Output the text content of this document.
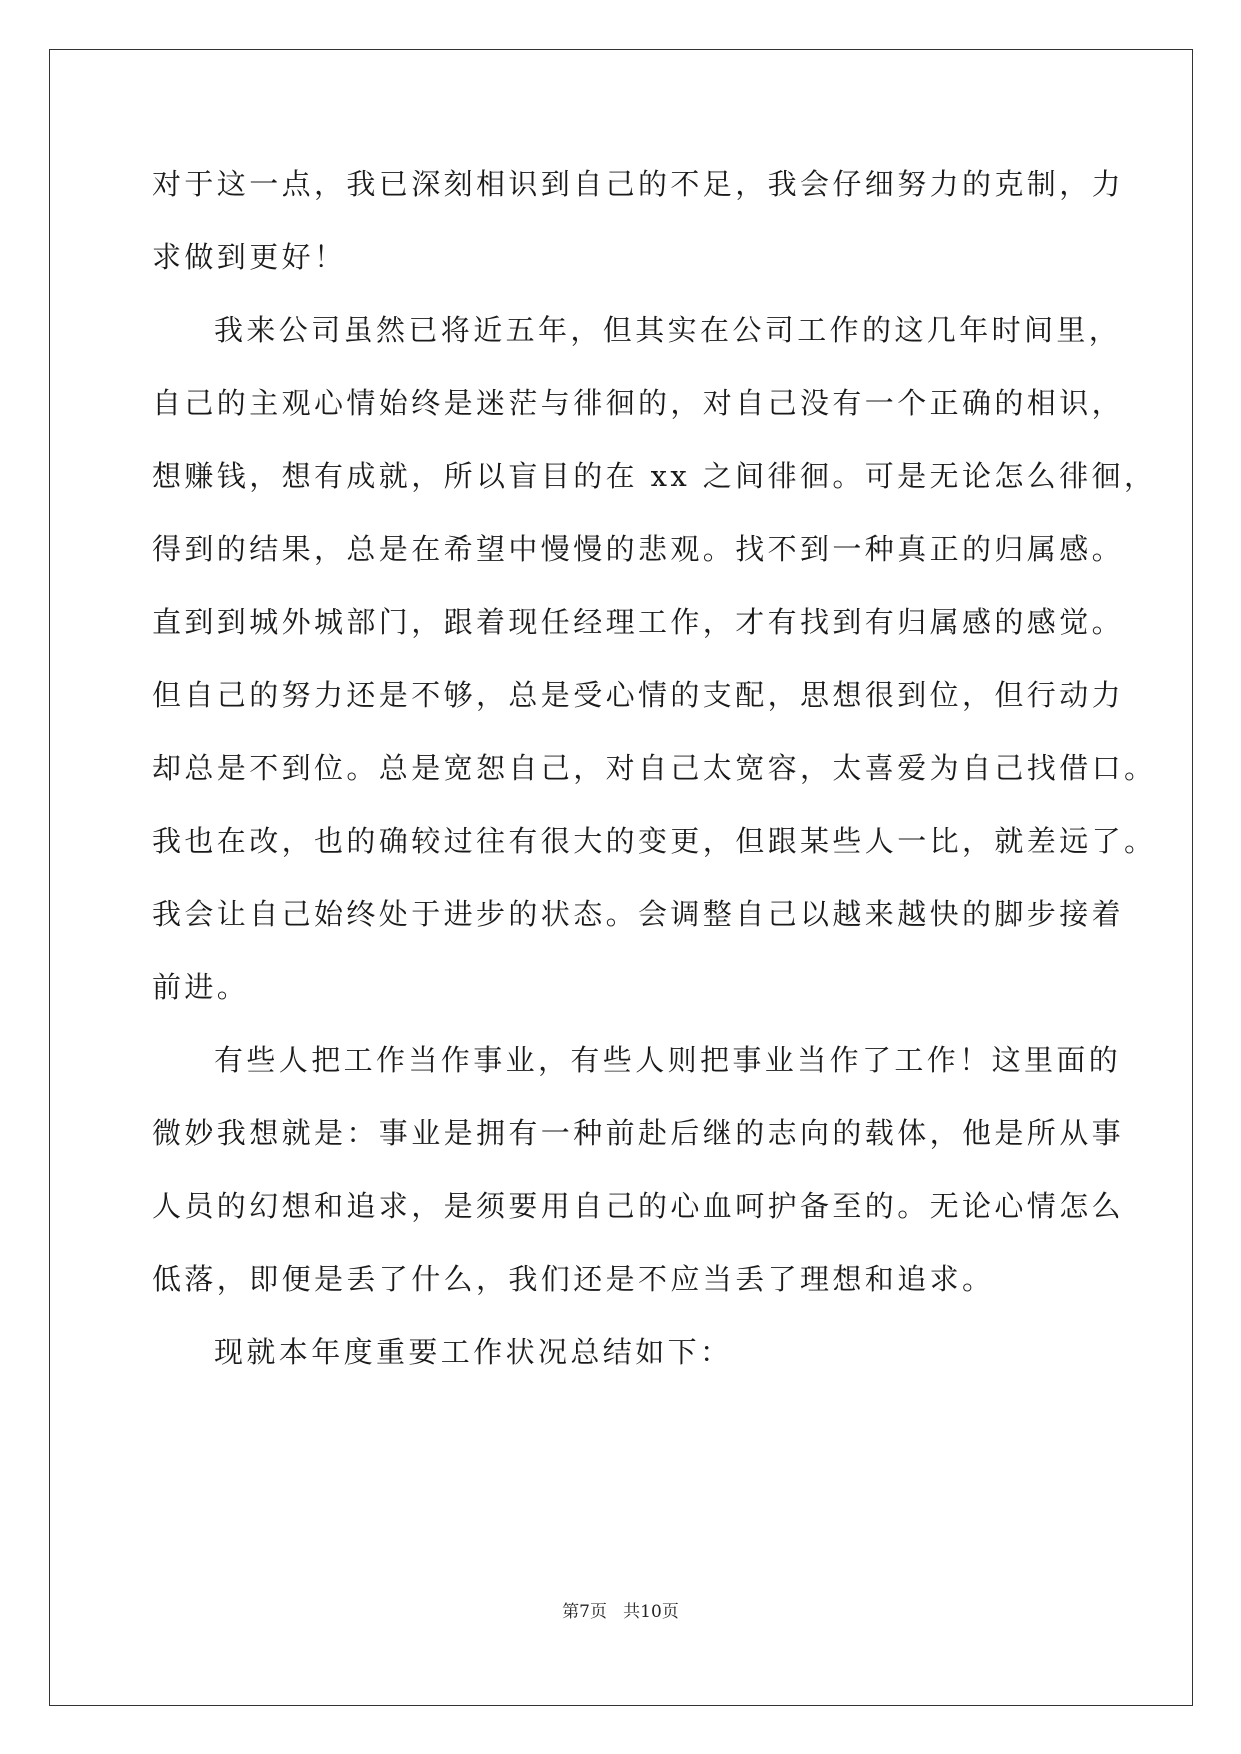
对于这一点，我已深刻相识到自己的不足，我会仔细努力的克制，力
求做到更好！
我来公司虽然已将近五年，但其实在公司工作的这几年时间里，
自己的主观心情始终是迷茫与徘徊的，对自己没有一个正确的相识，
想赚钱，想有成就，所以盲目的在 xx 之间徘徊。可是无论怎么徘徊，
得到的结果，总是在希望中慢慢的悲观。找不到一种真正的归属感。
直到到城外城部门，跟着现任经理工作，才有找到有归属感的感觉。
但自己的努力还是不够，总是受心情的支配，思想很到位，但行动力
却总是不到位。总是宽恕自己，对自己太宽容，太喜爱为自己找借口。
我也在改，也的确较过往有很大的变更，但跟某些人一比，就差远了。
我会让自己始终处于进步的状态。会调整自己以越来越快的脚步接着
前进。
有些人把工作当作事业，有些人则把事业当作了工作！这里面的
微妙我想就是：事业是拥有一种前赴后继的志向的载体，他是所从事
人员的幻想和追求，是须要用自己的心血呵护备至的。无论心情怎么
低落，即便是丢了什么，我们还是不应当丢了理想和追求。
现就本年度重要工作状况总结如下：
第7页   共10页
